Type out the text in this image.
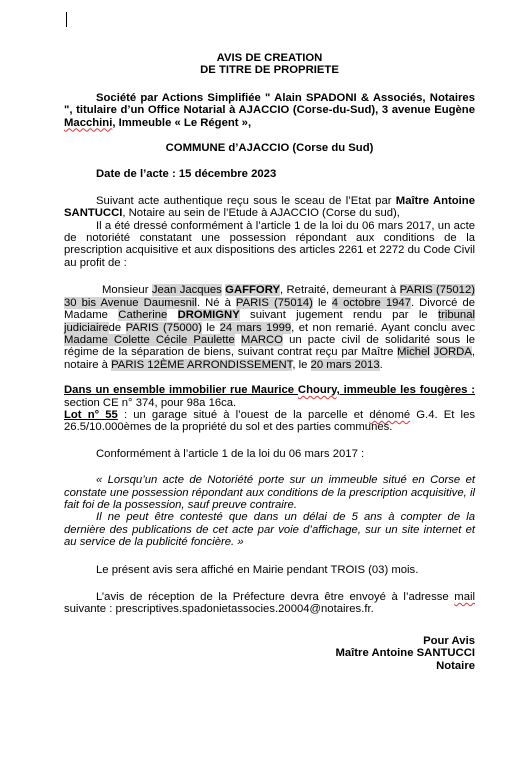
AVIS DE CREATION

DE TITRE DE PROPRIETE

Société par Actions Simplifiée " Alain SPADONI & Associés, Notaires ", titulaire d’un Office Notarial à AJACCIO (Corse-du-Sud), 3 avenue Eugène Macchini, Immeuble « Le Régent »,

COMMUNE d’AJACCIO (Corse du Sud)

Date de l’acte : 15 décembre 2023

Suivant acte authentique reçu sous le sceau de l’Etat par Maître Antoine SANTUCCI, Notaire au sein de l’Etude à AJACCIO (Corse du sud),

Il a été dressé conformément à l’article 1 de la loi du 06 mars 2017, un acte de notoriété constatant une possession répondant aux conditions de la prescription acquisitive et aux dispositions des articles 2261 et 2272 du Code Civil au profit de :

Monsieur Jean Jacques GAFFORY, Retraité, demeurant à PARIS (75012) 30 bis Avenue Daumesnil. Né à PARIS (75014) le 4 octobre 1947. Divorcé de Madame Catherine DROMIGNY suivant jugement rendu par le tribunal judiciairede PARIS (75000) le 24 mars 1999, et non remarié. Ayant conclu avec Madame Colette Cécile Paulette MARCO un pacte civil de solidarité sous le régime de la séparation de biens, suivant contrat reçu par Maître Michel JORDA, notaire à PARIS 12ÈME ARRONDISSEMENT, le 20 mars 2013.

Dans un ensemble immobilier rue Maurice Choury, immeuble les fougères : section CE n° 374, pour 98a 16ca.

Lot n° 55 : un garage situé à l’ouest de la parcelle et dénomé G.4. Et les 26.5/10.000èmes de la propriété du sol et des parties communes.

Conformément à l’article 1 de la loi du 06 mars 2017 :

« Lorsqu’un acte de Notoriété porte sur un immeuble situé en Corse et constate une possession répondant aux conditions de la prescription acquisitive, il fait foi de la possession, sauf preuve contraire.

Il ne peut être contesté que dans un délai de 5 ans à compter de la dernière des publications de cet acte par voie d’affichage, sur un site internet et au service de la publicité foncière. »

Le présent avis sera affiché en Mairie pendant TROIS (03) mois.

L’avis de réception de la Préfecture devra être envoyé à l’adresse mail suivante : prescriptives.spadonietassocies.20004@notaires.fr.

Pour Avis

Maître Antoine SANTUCCI

Notaire
